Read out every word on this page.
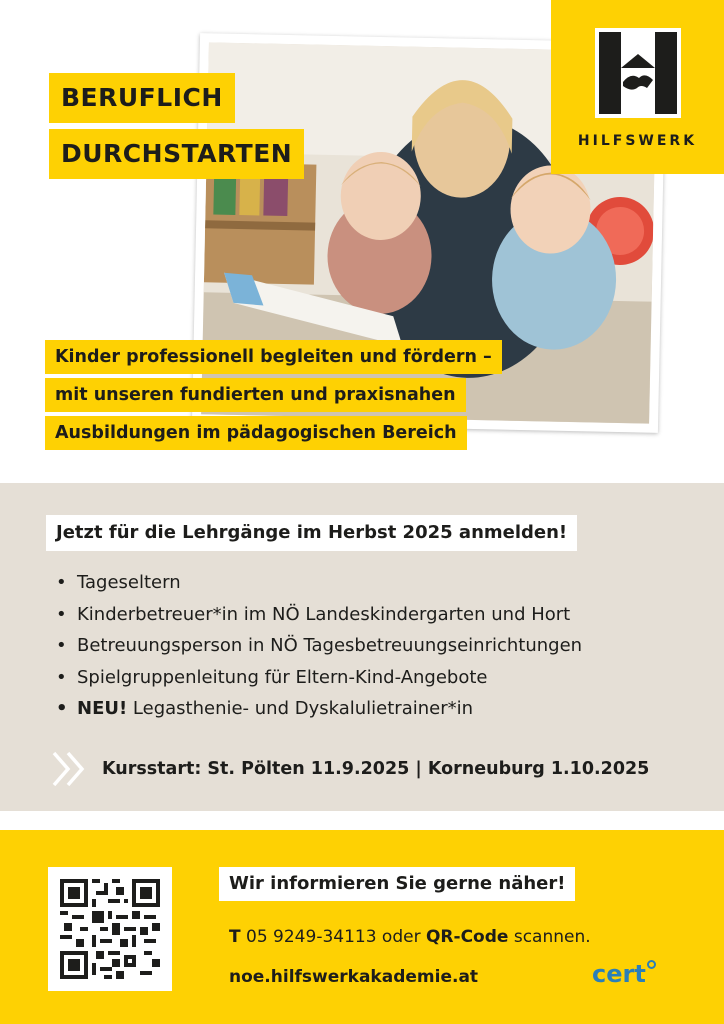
HILFSWERK
BERUFLICH
DURCHSTARTEN
Kinder professionell begleiten und fördern –
mit unseren fundierten und praxisnahen
Ausbildungen im pädagogischen Bereich
Jetzt für die Lehrgänge im Herbst 2025 anmelden!
• Tageseltern
• Kinderbetreuer*in im NÖ Landeskindergarten und Hort
• Betreuungsperson in NÖ Tagesbetreuungseinrichtungen
• Spielgruppenleitung für Eltern-Kind-Angebote
• NEU! Legasthenie- und Dyskalulietrainer*in
Kursstart: St. Pölten 11.9.2025 | Korneuburg 1.10.2025
Wir informieren Sie gerne näher!
T 05 9249-34113 oder QR-Code scannen.
noe.hilfswerkakademie.at	cert
